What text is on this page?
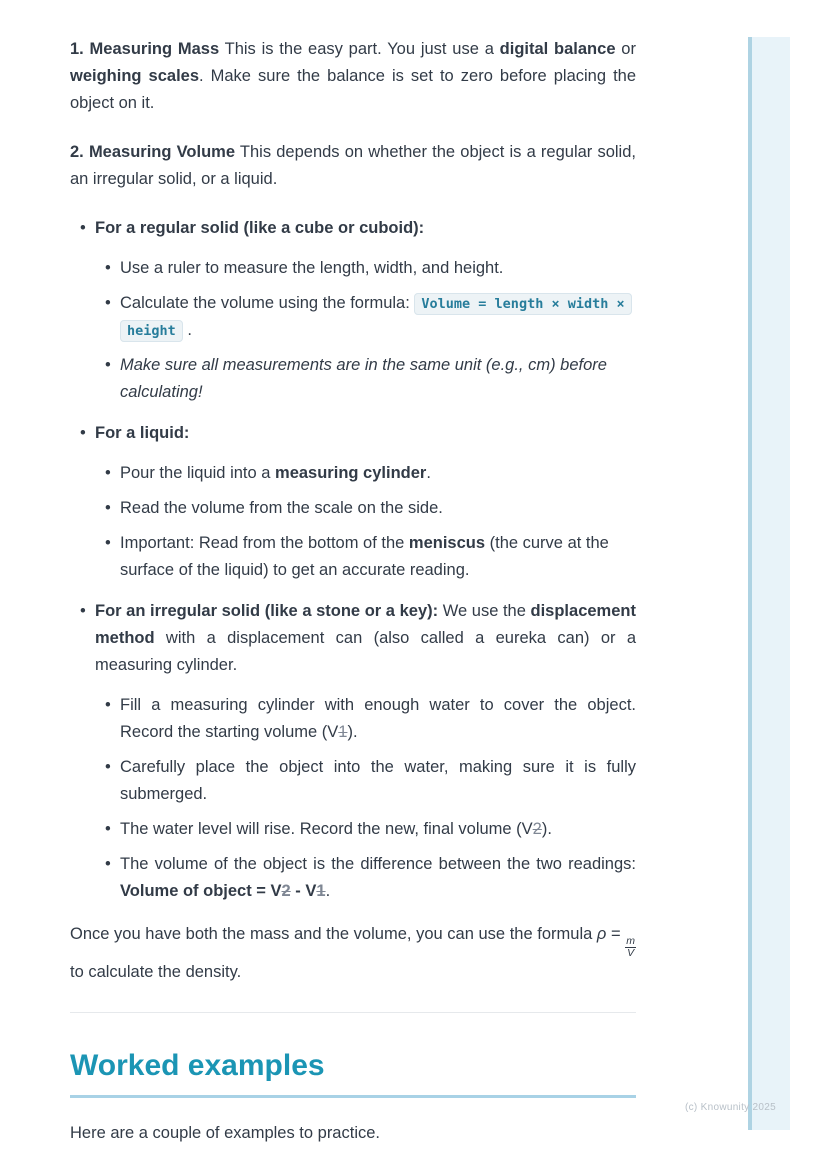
1. Measuring Mass This is the easy part. You just use a digital balance or weighing scales. Make sure the balance is set to zero before placing the object on it.

2. Measuring Volume This depends on whether the object is a regular solid, an irregular solid, or a liquid.

• For a regular solid (like a cube or cuboid):
• Use a ruler to measure the length, width, and height.
• Calculate the volume using the formula: Volume = length × width × height .
• Make sure all measurements are in the same unit (e.g., cm) before calculating!
• For a liquid:
• Pour the liquid into a measuring cylinder.
• Read the volume from the scale on the side.
• Important: Read from the bottom of the meniscus (the curve at the surface of the liquid) to get an accurate reading.
• For an irregular solid (like a stone or a key): We use the displacement method with a displacement can (also called a eureka can) or a measuring cylinder.
• Fill a measuring cylinder with enough water to cover the object. Record the starting volume (V1).
• Carefully place the object into the water, making sure it is fully submerged.
• The water level will rise. Record the new, final volume (V2).
• The volume of the object is the difference between the two readings: Volume of object = V2 - V1.

Once you have both the mass and the volume, you can use the formula ρ =
$\frac{m}{V}$
to calculate the density.

Worked examples

Here are a couple of examples to practice.

(c) Knowunity 2025
